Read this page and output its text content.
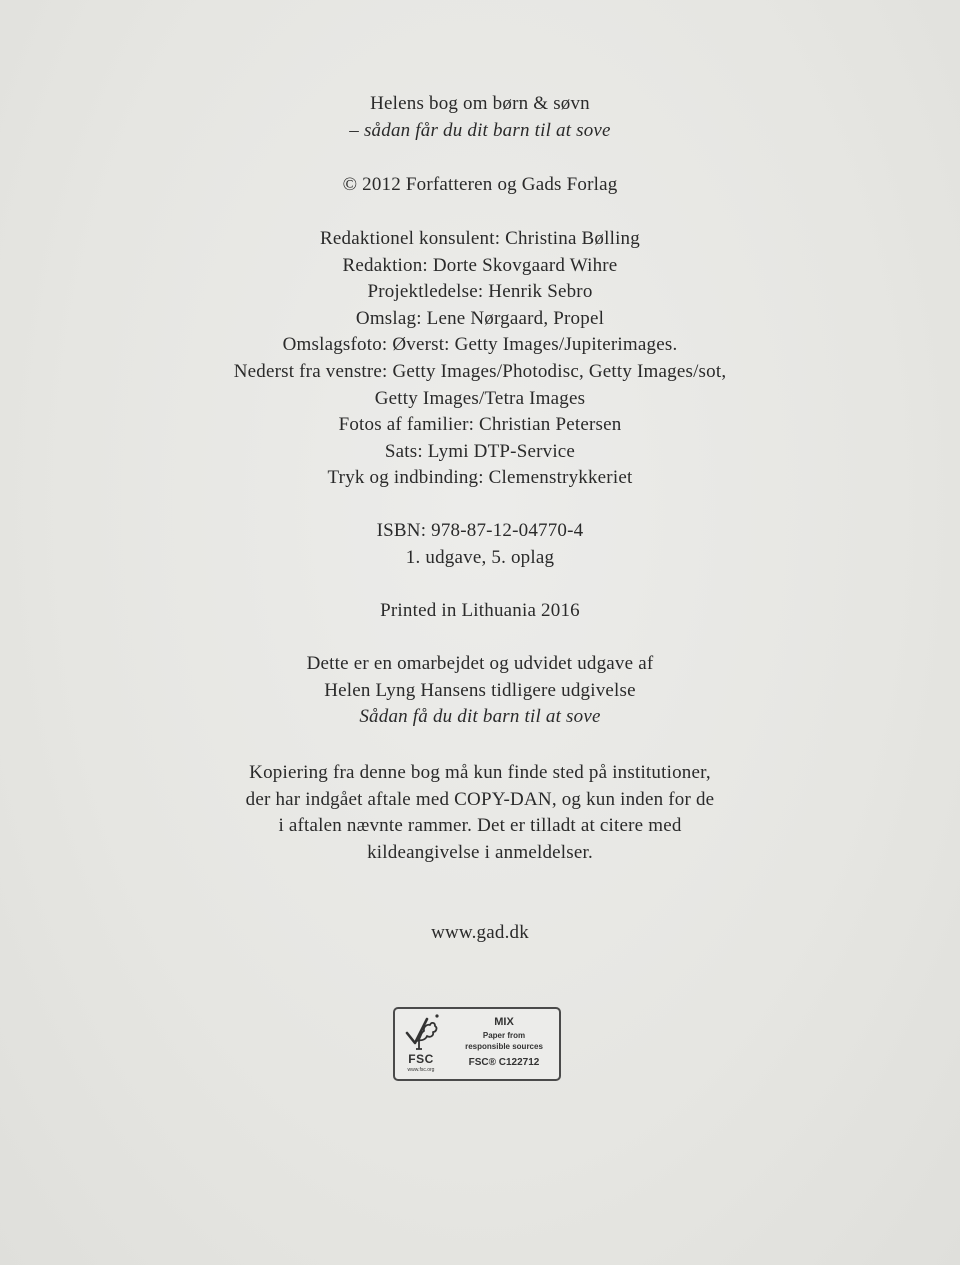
Helens bog om børn & søvn
– sådan får du dit barn til at sove
© 2012 Forfatteren og Gads Forlag
Redaktionel konsulent: Christina Bølling
Redaktion: Dorte Skovgaard Wihre
Projektledelse: Henrik Sebro
Omslag: Lene Nørgaard, Propel
Omslagsfoto: Øverst: Getty Images/Jupiterimages.
Nederst fra venstre: Getty Images/Photodisc, Getty Images/sot,
Getty Images/Tetra Images
Fotos af familier: Christian Petersen
Sats: Lymi DTP-Service
Tryk og indbinding: Clemenstrykkeriet
ISBN: 978-87-12-04770-4
1. udgave, 5. oplag
Printed in Lithuania 2016
Dette er en omarbejdet og udvidet udgave af
Helen Lyng Hansens tidligere udgivelse
Sådan få du dit barn til at sove
Kopiering fra denne bog må kun finde sted på institutioner,
der har indgået aftale med COPY-DAN, og kun inden for de
i aftalen nævnte rammer. Det er tilladt at citere med
kildeangivelse i anmeldelser.
www.gad.dk
FSC
www.fsc.org
MIX
Paper from
responsible sources
FSC® C122712
